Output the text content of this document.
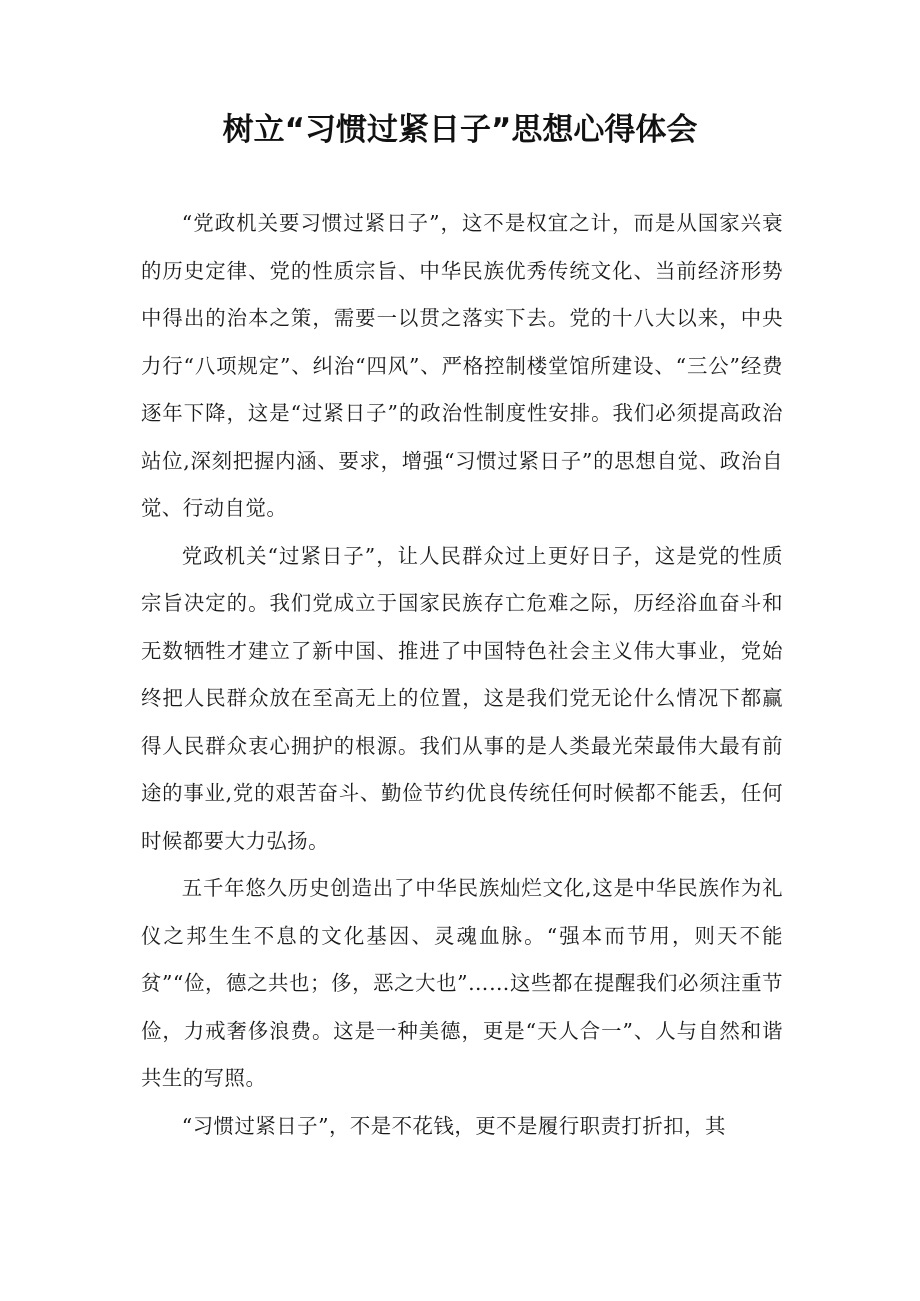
树立“习惯过紧日子”思想心得体会

“党政机关要习惯过紧日子”，这不是权宜之计，而是从国家兴衰的历史定律、党的性质宗旨、中华民族优秀传统文化、当前经济形势中得出的治本之策，需要一以贯之落实下去。党的十八大以来，中央力行“八项规定”、纠治“四风”、严格控制楼堂馆所建设、“三公”经费逐年下降，这是“过紧日子”的政治性制度性安排。我们必须提高政治站位,深刻把握内涵、要求，增强“习惯过紧日子”的思想自觉、政治自觉、行动自觉。

党政机关“过紧日子”，让人民群众过上更好日子，这是党的性质宗旨决定的。我们党成立于国家民族存亡危难之际，历经浴血奋斗和无数牺牲才建立了新中国、推进了中国特色社会主义伟大事业，党始终把人民群众放在至高无上的位置，这是我们党无论什么情况下都赢得人民群众衷心拥护的根源。我们从事的是人类最光荣最伟大最有前途的事业,党的艰苦奋斗、勤俭节约优良传统任何时候都不能丢，任何时候都要大力弘扬。

五千年悠久历史创造出了中华民族灿烂文化,这是中华民族作为礼仪之邦生生不息的文化基因、灵魂血脉。“强本而节用，则天不能贫”“俭，德之共也；侈，恶之大也”……这些都在提醒我们必须注重节俭，力戒奢侈浪费。这是一种美德，更是“天人合一”、人与自然和谐共生的写照。

“习惯过紧日子”，不是不花钱，更不是履行职责打折扣，其
